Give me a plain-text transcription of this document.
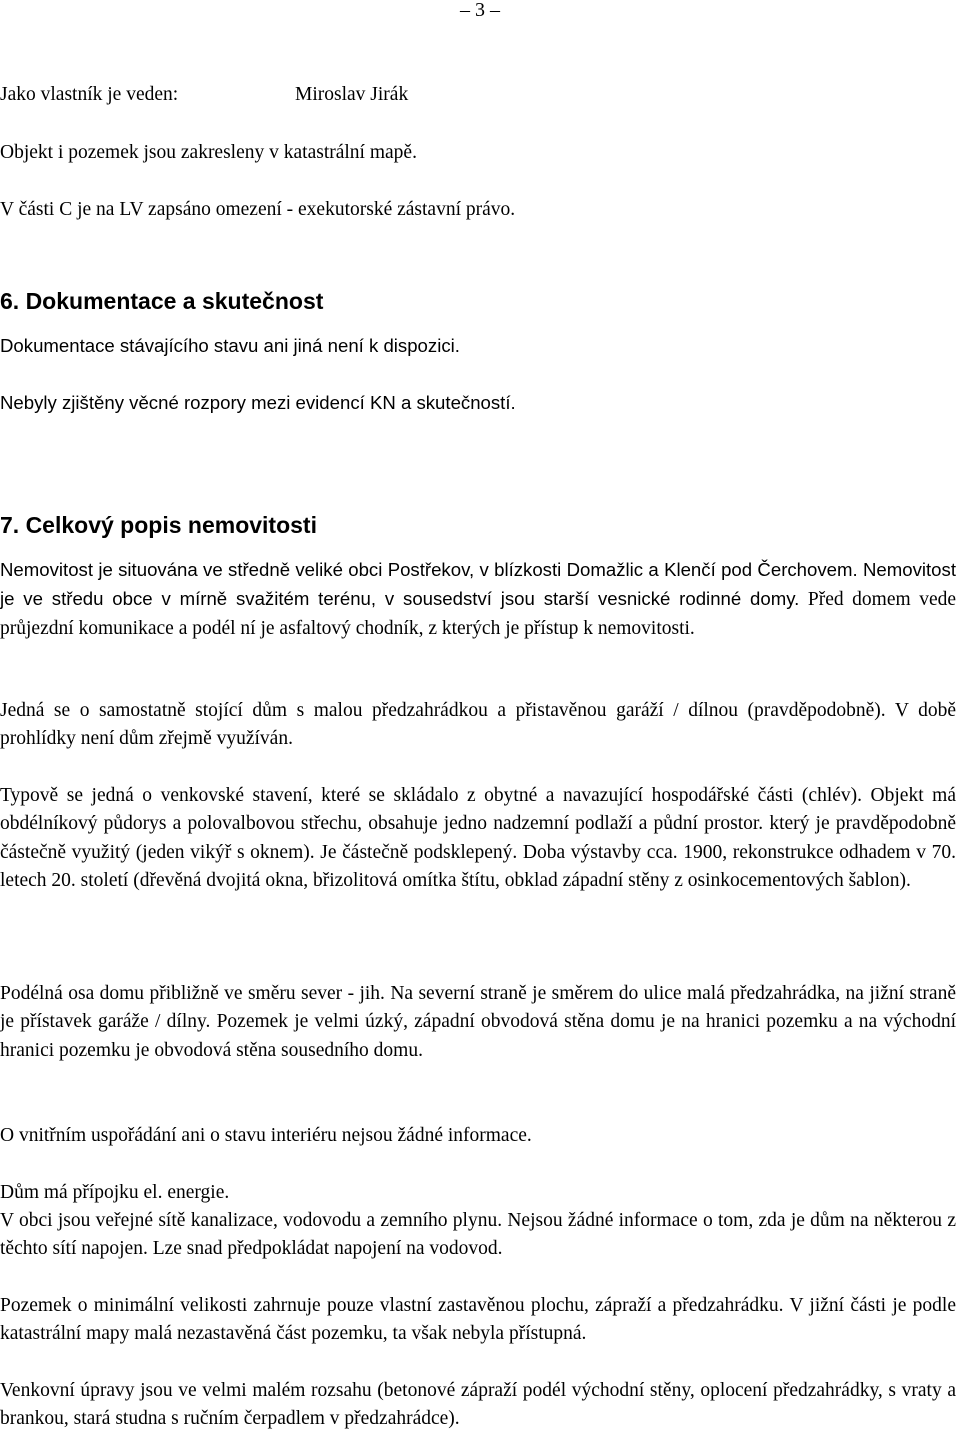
– 3 –
Jako vlastník je veden:	Miroslav Jirák
Objekt i pozemek jsou zakresleny v katastrální mapě.
V části C je na LV zapsáno omezení - exekutorské zástavní právo.
6. Dokumentace a skutečnost
Dokumentace stávajícího stavu ani jiná není k dispozici.
Nebyly zjištěny věcné rozpory mezi evidencí KN a skutečností.
7. Celkový popis nemovitosti
Nemovitost je situována ve středně veliké obci Postřekov, v blízkosti Domažlic a Klenčí pod Čerchovem. Nemovitost je ve středu obce v mírně svažitém terénu, v sousedství jsou starší vesnické rodinné domy. Před domem vede průjezdní komunikace a podél ní je asfaltový chodník, z kterých je přístup k nemovitosti.
Jedná se o samostatně stojící dům s malou předzahrádkou a přistavěnou garáží / dílnou (pravděpodobně). V době prohlídky není dům zřejmě využíván.
Typově se jedná o venkovské stavení, které se skládalo z obytné a navazující hospodářské části (chlév). Objekt má obdélníkový půdorys a polovalbovou střechu, obsahuje jedno nadzemní podlaží a půdní prostor. který je pravděpodobně částečně využitý (jeden vikýř s oknem). Je částečně podsklepený. Doba výstavby cca. 1900, rekonstrukce odhadem v 70. letech 20. století (dřevěná dvojitá okna, břizolitová omítka štítu, obklad západní stěny z osinkocementových šablon).
Podélná osa domu přibližně ve směru sever - jih. Na severní straně je směrem do ulice malá předzahrádka, na jižní straně je přístavek garáže / dílny. Pozemek je velmi úzký, západní obvodová stěna domu je na hranici pozemku a na východní hranici pozemku je obvodová stěna sousedního domu.
O vnitřním uspořádání ani o stavu interiéru nejsou žádné informace.
Dům má přípojku el. energie.
V obci jsou veřejné sítě kanalizace, vodovodu a zemního plynu. Nejsou žádné informace o tom, zda je dům na některou z těchto sítí napojen. Lze snad předpokládat napojení na vodovod.
Pozemek o minimální velikosti zahrnuje pouze vlastní zastavěnou plochu, zápraží a předzahrádku. V jižní části je podle katastrální mapy malá nezastavěná část pozemku, ta však nebyla přístupná.
Venkovní úpravy jsou ve velmi malém rozsahu (betonové zápraží podél východní stěny, oplocení předzahrádky, s vraty a brankou, stará studna s ručním čerpadlem v předzahrádce).
